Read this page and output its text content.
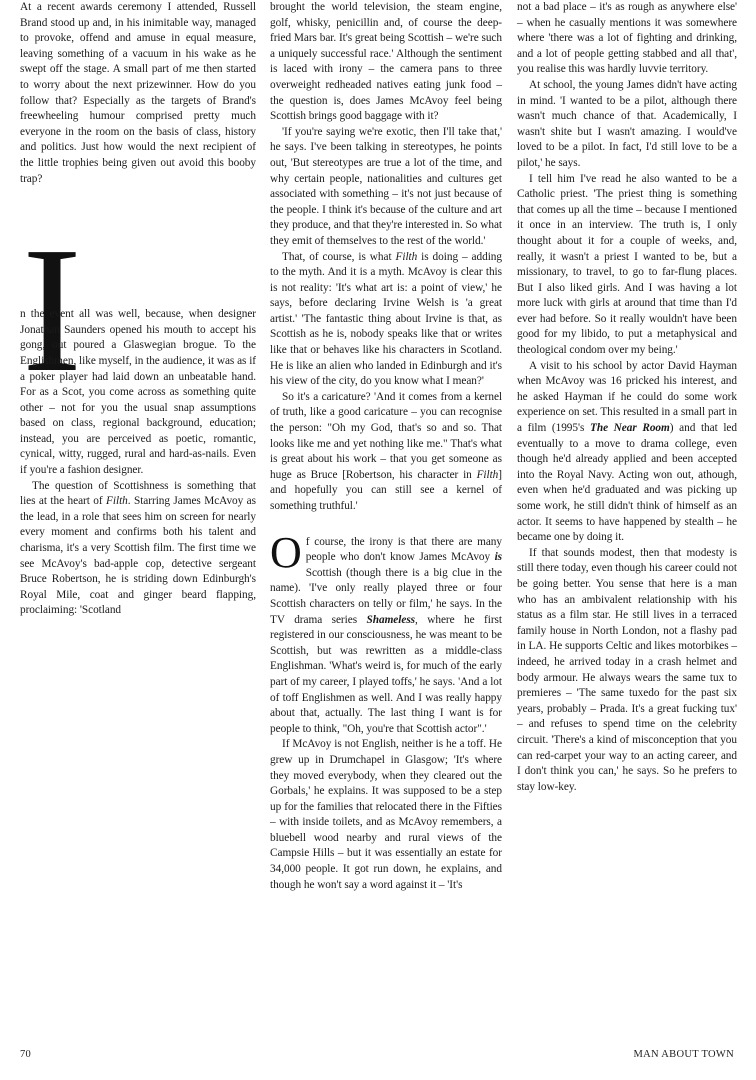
I

At a recent awards ceremony I attended, Russell Brand stood up and, in his inimitable way, managed to provoke, offend and amuse in equal measure, leaving something of a vacuum in his wake as he swept off the stage. A small part of me then started to worry about the next prizewinner. How do you follow that? Especially as the targets of Brand's freewheeling humour comprised pretty much everyone in the room on the basis of class, history and politics. Just how would the next recipient of the little trophies being given out avoid this booby trap?

n the event all was well, because, when designer Jonathan Saunders opened his mouth to accept his gong, out poured a Glaswegian brogue. To the Englishmen, like myself, in the audience, it was as if a poker player had laid down an unbeatable hand. For as a Scot, you come across as something quite other – not for you the usual snap assumptions based on class, regional background, education; instead, you are perceived as poetic, romantic, cynical, witty, rugged, rural and hard-as-nails. Even if you're a fashion designer.

The question of Scottishness is something that lies at the heart of Filth. Starring James McAvoy as the lead, in a role that sees him on screen for nearly every moment and confirms both his talent and charisma, it's a very Scottish film. The first time we see McAvoy's bad-apple cop, detective sergeant Bruce Robertson, he is striding down Edinburgh's Royal Mile, coat and ginger beard flapping, proclaiming: 'Scotland

brought the world television, the steam engine, golf, whisky, penicillin and, of course the deep-fried Mars bar. It's great being Scottish – we're such a uniquely successful race.' Although the sentiment is laced with irony – the camera pans to three overweight redheaded natives eating junk food – the question is, does James McAvoy feel being Scottish brings good baggage with it?

'If you're saying we're exotic, then I'll take that,' he says. I've been talking in stereotypes, he points out, 'But stereotypes are true a lot of the time, and why certain people, nationalities and cultures get associated with something – it's not just because of the people. I think it's because of the culture and art they produce, and that they're interested in. So what they emit of themselves to the rest of the world.'

That, of course, is what Filth is doing – adding to the myth. And it is a myth. McAvoy is clear this is not reality: 'It's what art is: a point of view,' he says, before declaring Irvine Welsh is 'a great artist.' 'The fantastic thing about Irvine is that, as Scottish as he is, nobody speaks like that or writes like that or behaves like his characters in Scotland. He is like an alien who landed in Edinburgh and it's his view of the city, do you know what I mean?'

So it's a caricature? 'And it comes from a kernel of truth, like a good caricature – you can recognise the person: "Oh my God, that's so and so. That looks like me and yet nothing like me." That's what is great about his work – that you get someone as huge as Bruce [Robertson, his character in Filth] and hopefully you can still see a kernel of something truthful.'

Of course, the irony is that there are many people who don't know James McAvoy is Scottish (though there is a big clue in the name). 'I've only really played three or four Scottish characters on telly or film,' he says. In the TV drama series Shameless, where he first registered in our consciousness, he was meant to be Scottish, but was rewritten as a middle-class Englishman. 'What's weird is, for much of the early part of my career, I played toffs,' he says. 'And a lot of toff Englishmen as well. And I was really happy about that, actually. The last thing I want is for people to think, "Oh, you're that Scottish actor".'

If McAvoy is not English, neither is he a toff. He grew up in Drumchapel in Glasgow; 'It's where they moved everybody, when they cleared out the Gorbals,' he explains. It was supposed to be a step up for the families that relocated there in the Fifties – with inside toilets, and as McAvoy remembers, a bluebell wood nearby and rural views of the Campsie Hills – but it was essentially an estate for 34,000 people. It got run down, he explains, and though he won't say a word against it – 'It's

not a bad place – it's as rough as anywhere else' – when he casually mentions it was somewhere where 'there was a lot of fighting and drinking, and a lot of people getting stabbed and all that', you realise this was hardly luvvie territory.

At school, the young James didn't have acting in mind. 'I wanted to be a pilot, although there wasn't much chance of that. Academically, I wasn't shite but I wasn't amazing. I would've loved to be a pilot. In fact, I'd still love to be a pilot,' he says.

I tell him I've read he also wanted to be a Catholic priest. 'The priest thing is something that comes up all the time – because I mentioned it once in an interview. The truth is, I only thought about it for a couple of weeks, and, really, it wasn't a priest I wanted to be, but a missionary, to travel, to go to far-flung places. But I also liked girls. And I was having a lot more luck with girls at around that time than I'd ever had before. So it really wouldn't have been good for my libido, to put a metaphysical and theological condom over my being.'

A visit to his school by actor David Hayman when McAvoy was 16 pricked his interest, and he asked Hayman if he could do some work experience on set. This resulted in a small part in a film (1995's The Near Room) and that led eventually to a move to drama college, even though he'd already applied and been accepted into the Royal Navy. Acting won out, athough, even when he'd graduated and was picking up some work, he still didn't think of himself as an actor. It seems to have happened by stealth – he became one by doing it.

If that sounds modest, then that modesty is still there today, even though his career could not be going better. You sense that here is a man who has an ambivalent relationship with his status as a film star. He still lives in a terraced family house in North London, not a flashy pad in LA. He supports Celtic and likes motorbikes – indeed, he arrived today in a crash helmet and body armour. He always wears the same tux to premieres – 'The same tuxedo for the past six years, probably – Prada. It's a great fucking tux' – and refuses to spend time on the celebrity circuit. 'There's a kind of misconception that you can red-carpet your way to an acting career, and I don't think you can,' he says. So he prefers to stay low-key.

70	MAN ABOUT TOWN
